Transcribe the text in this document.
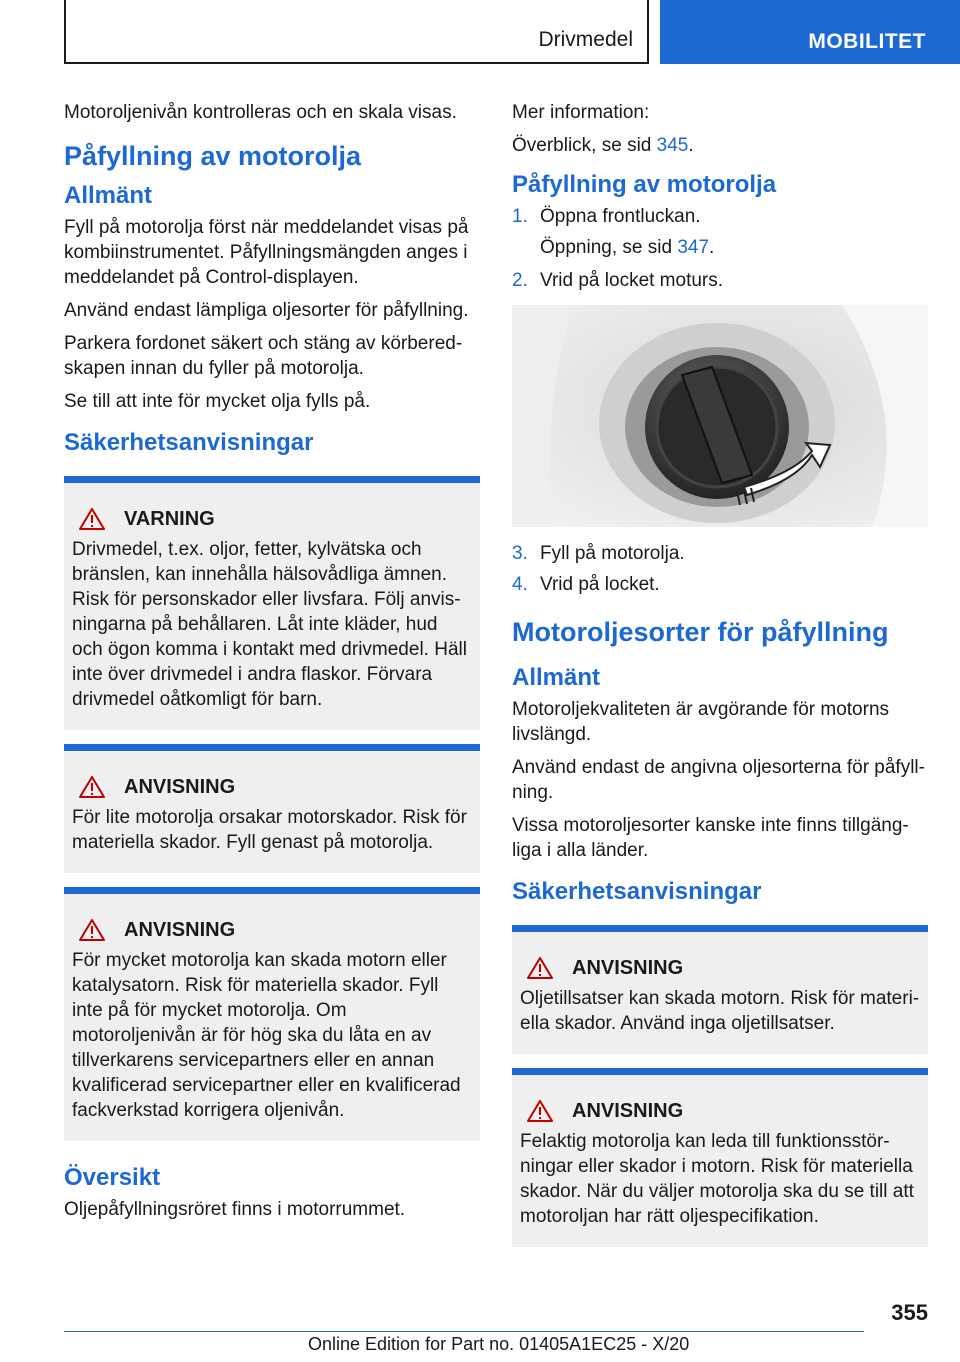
Drivmedel	MOBILITET

Motoroljenivån kontrolleras och en skala visas.

Påfyllning av motorolja
Allmänt

Fyll på motorolja först när meddelandet visas på kombiinstrumentet. Påfyllningsmängden anges i meddelandet på Control-displayen.

Använd endast lämpliga oljesorter för påfyllning.

Parkera fordonet säkert och stäng av körberedskapen innan du fyller på motorolja.

Se till att inte för mycket olja fylls på.

Säkerhetsanvisningar
VARNING

Drivmedel, t.ex. oljor, fetter, kylvätska och bränslen, kan innehålla hälsovådliga ämnen. Risk för personskador eller livsfara. Följ anvisningarna på behållaren. Låt inte kläder, hud och ögon komma i kontakt med drivmedel. Häll inte över drivmedel i andra flaskor. Förvara drivmedel oåtkomligt för barn.

ANVISNING

För lite motorolja orsakar motorskador. Risk för materiella skador. Fyll genast på motorolja.

ANVISNING

För mycket motorolja kan skada motorn eller katalysatorn. Risk för materiella skador. Fyll inte på för mycket motorolja. Om motoroljenivån är för hög ska du låta en av tillverkarens servicepartners eller en annan kvalificerad servicepartner eller en kvalificerad fackverkstad korrigera oljenivån.

Översikt

Oljepåfyllningsröret finns i motorrummet.

Mer information:

Överblick, se sid 345.

Påfyllning av motorolja
1. Öppna frontluckan.
Öppning, se sid 347.
2. Vrid på locket moturs.
3. Fyll på motorolja.
4. Vrid på locket.
Motoroljesorter för påfyllning
Allmänt

Motoroljekvaliteten är avgörande för motorns livslängd.

Använd endast de angivna oljesorterna för påfyllning.

Vissa motoroljesorter kanske inte finns tillgängliga i alla länder.

Säkerhetsanvisningar
ANVISNING

Oljetillsatser kan skada motorn. Risk för materiella skador. Använd inga oljetillsatser.

ANVISNING

Felaktig motorolja kan leda till funktionsstörningar eller skador i motorn. Risk för materiella skador. När du väljer motorolja ska du se till att motoroljan har rätt oljespecifikation.

355
Online Edition for Part no. 01405A1EC25 - X/20
